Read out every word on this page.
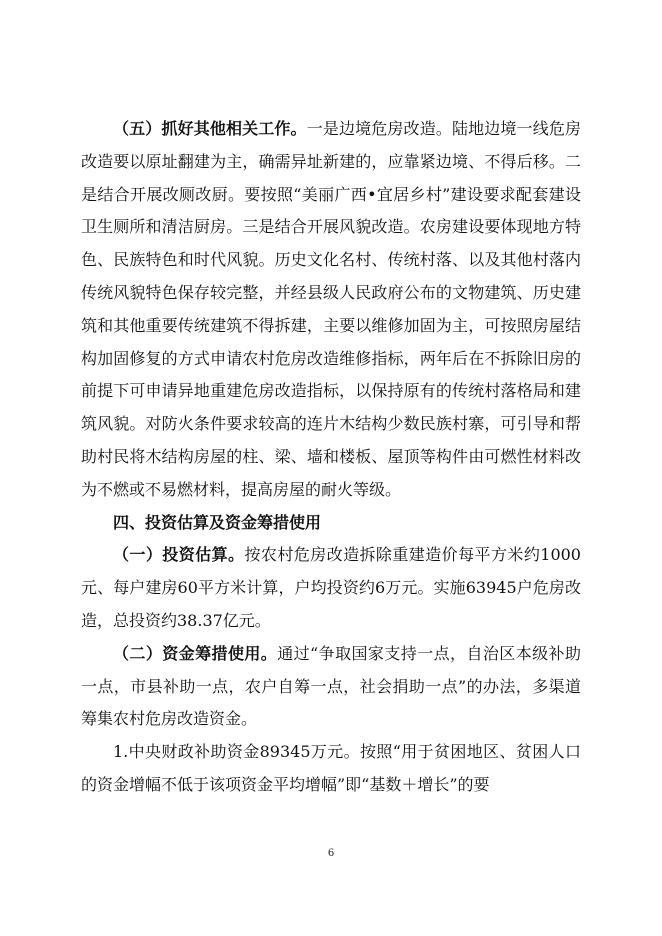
（五）抓好其他相关工作。一是边境危房改造。陆地边境一线危房改造要以原址翻建为主，确需异址新建的，应靠紧边境、不得后移。二是结合开展改厕改厨。要按照“美丽广西•宜居乡村”建设要求配套建设卫生厕所和清洁厨房。三是结合开展风貌改造。农房建设要体现地方特色、民族特色和时代风貌。历史文化名村、传统村落、以及其他村落内传统风貌特色保存较完整，并经县级人民政府公布的文物建筑、历史建筑和其他重要传统建筑不得拆建，主要以维修加固为主，可按照房屋结构加固修复的方式申请农村危房改造维修指标，两年后在不拆除旧房的前提下可申请异地重建危房改造指标，以保持原有的传统村落格局和建筑风貌。对防火条件要求较高的连片木结构少数民族村寨，可引导和帮助村民将木结构房屋的柱、梁、墙和楼板、屋顶等构件由可燃性材料改为不燃或不易燃材料，提高房屋的耐火等级。

四、投资估算及资金筹措使用

（一）投资估算。按农村危房改造拆除重建造价每平方米约1000元、每户建房60平方米计算，户均投资约6万元。实施63945户危房改造，总投资约38.37亿元。

（二）资金筹措使用。通过“争取国家支持一点，自治区本级补助一点，市县补助一点，农户自筹一点，社会捐助一点”的办法，多渠道筹集农村危房改造资金。

1.中央财政补助资金89345万元。按照“用于贫困地区、贫困人口的资金增幅不低于该项资金平均增幅”即“基数＋增长”的要

6
